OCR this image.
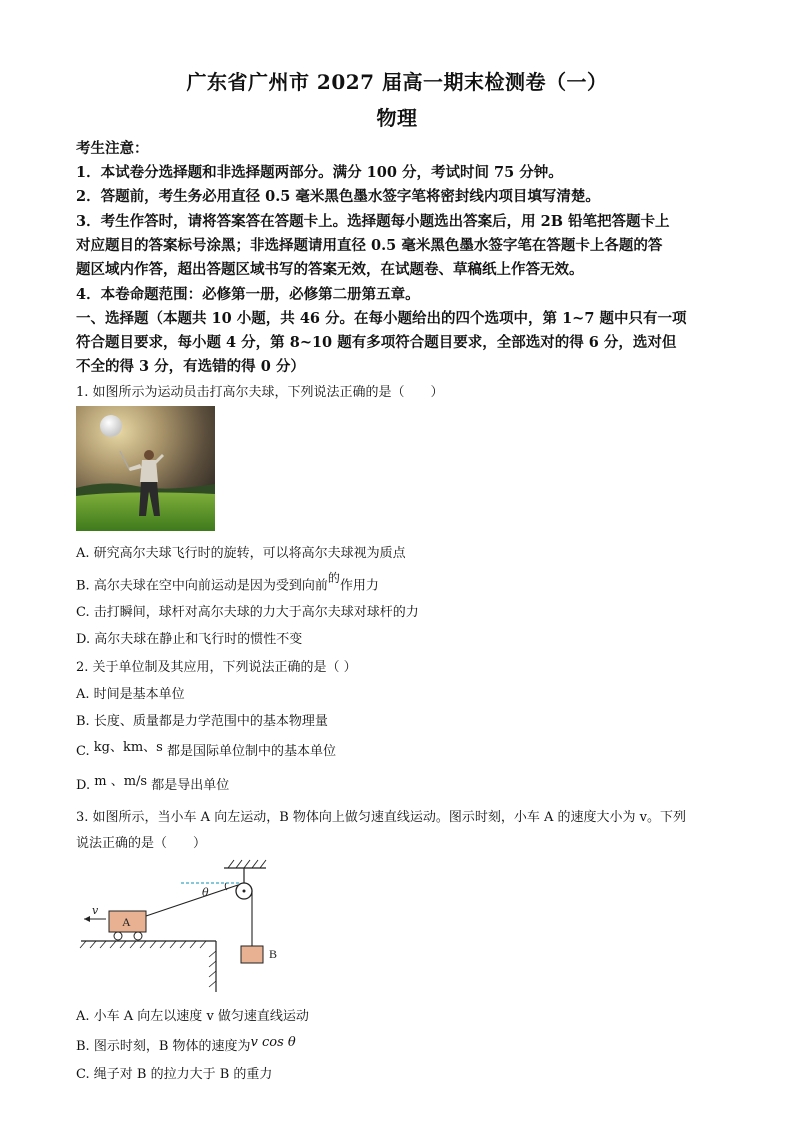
广东省广州市 2027 届高一期末检测卷（一）
物理
考生注意：
1．本试卷分选择题和非选择题两部分。满分 100 分，考试时间 75 分钟。
2．答题前，考生务必用直径 0.5 毫米黑色墨水签字笔将密封线内项目填写清楚。
3．考生作答时，请将答案答在答题卡上。选择题每小题选出答案后，用 2B 铅笔把答题卡上
对应题目的答案标号涂黑；非选择题请用直径 0.5 毫米黑色墨水签字笔在答题卡上各题的答
题区域内作答，超出答题区域书写的答案无效，在试题卷、草稿纸上作答无效。
4．本卷命题范围：必修第一册，必修第二册第五章。
一、选择题（本题共 10 小题，共 46 分。在每小题给出的四个选项中，第 1~7 题中只有一项
符合题目要求，每小题 4 分，第 8~10 题有多项符合题目要求，全部选对的得 6 分，选对但
不全的得 3 分，有选错的得 0 分）
1. 如图所示为运动员击打高尔夫球，下列说法正确的是（　　）
A. 研究高尔夫球飞行时的旋转，可以将高尔夫球视为质点
B. 高尔夫球在空中向前运动是因为受到向前$^的$作用力
C. 击打瞬间，球杆对高尔夫球的力大于高尔夫球对球杆的力
D. 高尔夫球在静止和飞行时的惯性不变
2. 关于单位制及其应用，下列说法正确的是（ ）
A. 时间是基本单位
B. 长度、质量都是力学范围中的基本物理量
C. kg、km、s 都是国际单位制中的基本单位
D. m 、m/s 都是导出单位
3. 如图所示，当小车 A 向左运动，B 物体向上做匀速直线运动。图示时刻，小车 A 的速度大小为 v。下列
说法正确的是（　　）
θ
B
A
v
A. 小车 A 向左以速度 v 做匀速直线运动
B. 图示时刻，B 物体的速度为v cos θ
C. 绳子对 B 的拉力大于 B 的重力
